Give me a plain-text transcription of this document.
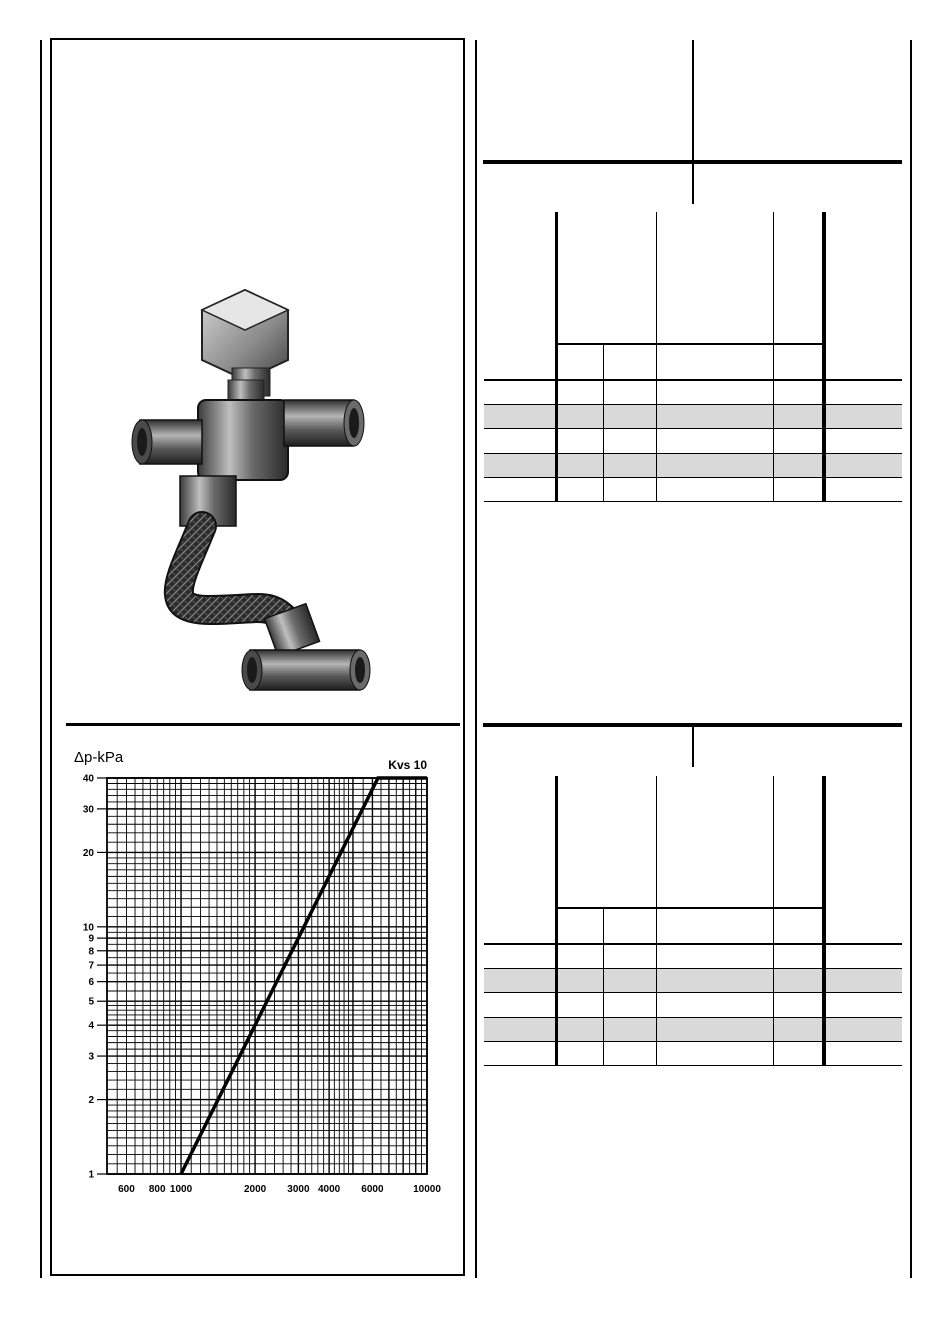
Δp-kPa
1
2
3
4
5
6
7
8
9
10
20
30
40
600 800 1000	2000 3000 4000 6000	10000
Kvs 10
